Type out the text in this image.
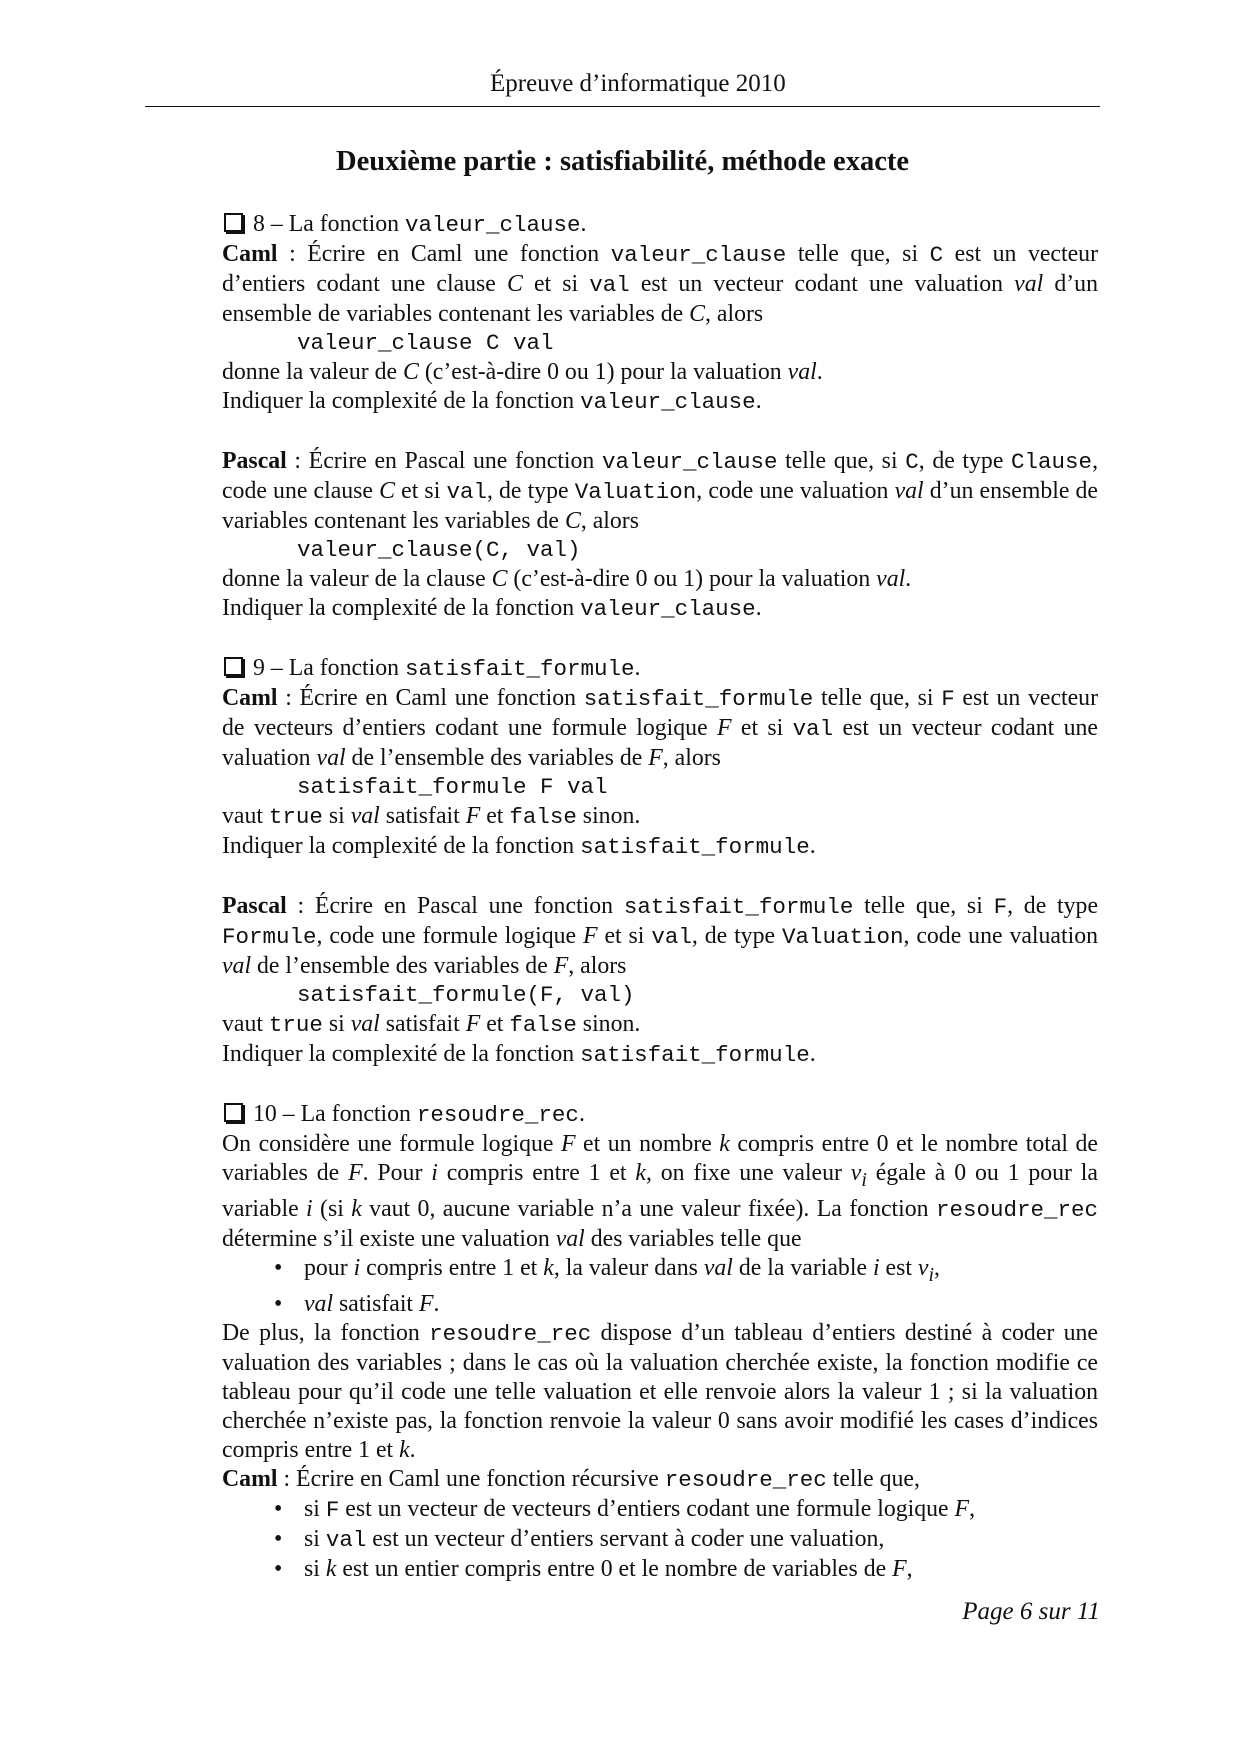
Épreuve d’informatique 2010
Deuxième partie : satisfiabilité, méthode exacte

8 – La fonction valeur_clause.

Caml : Écrire en Caml une fonction valeur_clause telle que, si C est un vecteur d’entiers codant une clause C et si val est un vecteur codant une valuation val d’un ensemble de variables contenant les variables de C, alors

valeur_clause C val

donne la valeur de C (c’est-à-dire 0 ou 1) pour la valuation val.

Indiquer la complexité de la fonction valeur_clause.

Pascal : Écrire en Pascal une fonction valeur_clause telle que, si C, de type Clause, code une clause C et si val, de type Valuation, code une valuation val d’un ensemble de variables contenant les variables de C, alors

valeur_clause(C, val)

donne la valeur de la clause C (c’est-à-dire 0 ou 1) pour la valuation val.

Indiquer la complexité de la fonction valeur_clause.

9 – La fonction satisfait_formule.

Caml : Écrire en Caml une fonction satisfait_formule telle que, si F est un vecteur de vecteurs d’entiers codant une formule logique F et si val est un vecteur codant une valuation val de l’ensemble des variables de F, alors

satisfait_formule F val

vaut true si val satisfait F et false sinon.

Indiquer la complexité de la fonction satisfait_formule.

Pascal : Écrire en Pascal une fonction satisfait_formule telle que, si F, de type Formule, code une formule logique F et si val, de type Valuation, code une valuation val de l’ensemble des variables de F, alors

satisfait_formule(F, val)

vaut true si val satisfait F et false sinon.

Indiquer la complexité de la fonction satisfait_formule.

10 – La fonction resoudre_rec.

On considère une formule logique F et un nombre k compris entre 0 et le nombre total de variables de F. Pour i compris entre 1 et k, on fixe une valeur $v_i$ égale à 0 ou 1 pour la variable i (si k vaut 0, aucune variable n’a une valeur fixée). La fonction resoudre_rec détermine s’il existe une valuation val des variables telle que

• pour i compris entre 1 et k, la valeur dans val de la variable i est $v_i$,
• val satisfait F.

De plus, la fonction resoudre_rec dispose d’un tableau d’entiers destiné à coder une valuation des variables ; dans le cas où la valuation cherchée existe, la fonction modifie ce tableau pour qu’il code une telle valuation et elle renvoie alors la valeur 1 ; si la valuation cherchée n’existe pas, la fonction renvoie la valeur 0 sans avoir modifié les cases d’indices compris entre 1 et k.

Caml : Écrire en Caml une fonction récursive resoudre_rec telle que,

• si F est un vecteur de vecteurs d’entiers codant une formule logique F,
• si val est un vecteur d’entiers servant à coder une valuation,
• si k est un entier compris entre 0 et le nombre de variables de F,
Page 6 sur 11
